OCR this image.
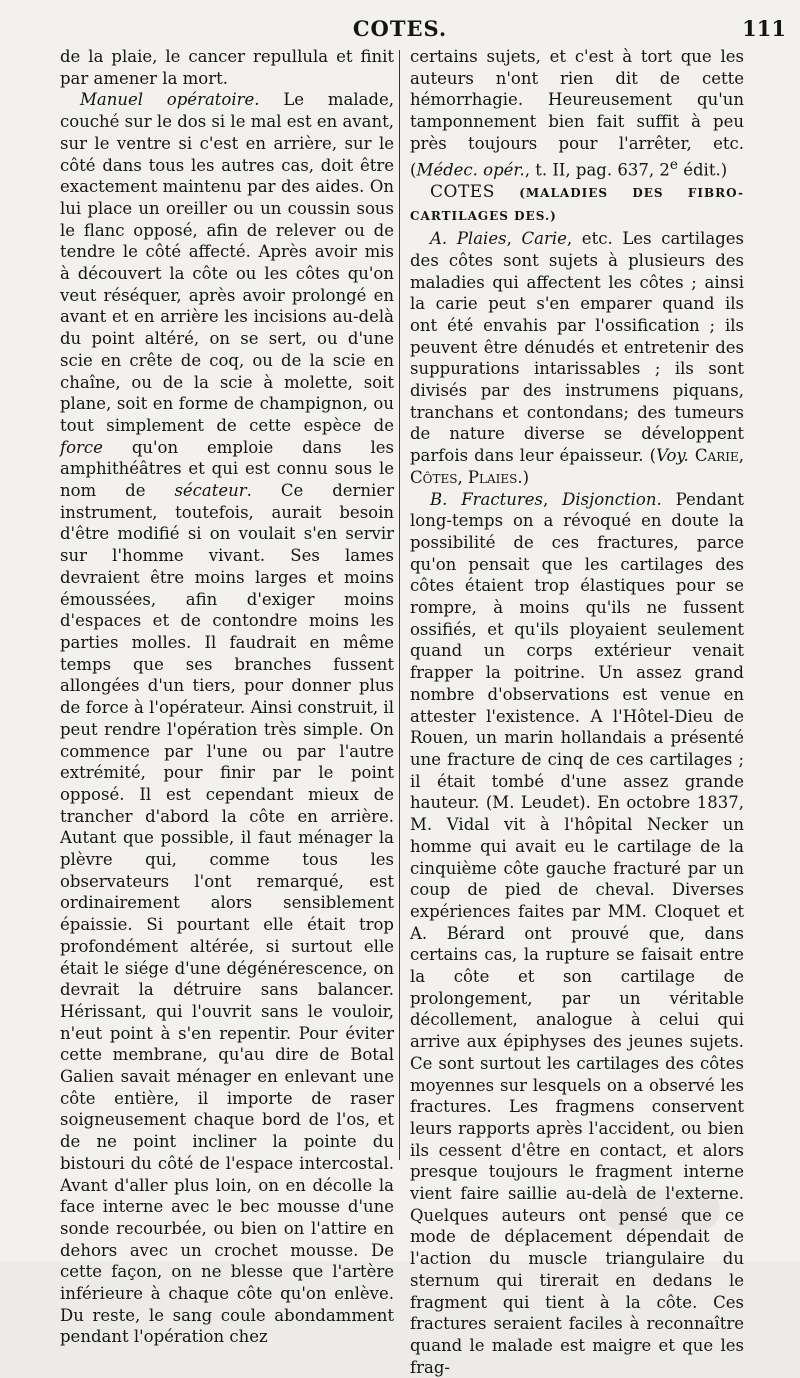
COTES.	111

de la plaie, le cancer repullula et finit par amener la mort.

Manuel opératoire. Le malade, couché sur le dos si le mal est en avant, sur le ventre si c'est en arrière, sur le côté dans tous les autres cas, doit être exactement maintenu par des aides. On lui place un oreiller ou un coussin sous le flanc opposé, afin de relever ou de tendre le côté affecté. Après avoir mis à découvert la côte ou les côtes qu'on veut réséquer, après avoir prolongé en avant et en arrière les incisions au-delà du point altéré, on se sert, ou d'une scie en crête de coq, ou de la scie en chaîne, ou de la scie à molette, soit plane, soit en forme de champignon, ou tout simplement de cette espèce de force qu'on emploie dans les amphithéâtres et qui est connu sous le nom de sécateur. Ce dernier instrument, toutefois, aurait besoin d'être modifié si on voulait s'en servir sur l'homme vivant. Ses lames devraient être moins larges et moins émoussées, afin d'exiger moins d'espaces et de contondre moins les parties molles. Il faudrait en même temps que ses branches fussent allongées d'un tiers, pour donner plus de force à l'opérateur. Ainsi construit, il peut rendre l'opération très simple. On commence par l'une ou par l'autre extrémité, pour finir par le point opposé. Il est cependant mieux de trancher d'abord la côte en arrière. Autant que possible, il faut ménager la plèvre qui, comme tous les observateurs l'ont remarqué, est ordinairement alors sensiblement épaissie. Si pourtant elle était trop profondément altérée, si surtout elle était le siége d'une dégénérescence, on devrait la détruire sans balancer. Hérissant, qui l'ouvrit sans le vouloir, n'eut point à s'en repentir. Pour éviter cette membrane, qu'au dire de Botal Galien savait ménager en enlevant une côte entière, il importe de raser soigneusement chaque bord de l'os, et de ne point incliner la pointe du bistouri du côté de l'espace intercostal. Avant d'aller plus loin, on en décolle la face interne avec le bec mousse d'une sonde recourbée, ou bien on l'attire en dehors avec un crochet mousse. De cette façon, on ne blesse que l'artère inférieure à chaque côte qu'on enlève. Du reste, le sang coule abondamment pendant l'opération chez

certains sujets, et c'est à tort que les auteurs n'ont rien dit de cette hémorrhagie. Heureusement qu'un tamponnement bien fait suffit à peu près toujours pour l'arrêter, etc. (Médec. opér., t. II, pag. 637, 2e édit.)

COTES (MALADIES DES FIBRO-CARTILAGES DES.)

A. Plaies, Carie, etc. Les cartilages des côtes sont sujets à plusieurs des maladies qui affectent les côtes ; ainsi la carie peut s'en emparer quand ils ont été envahis par l'ossification ; ils peuvent être dénudés et entretenir des suppurations intarissables ; ils sont divisés par des instrumens piquans, tranchans et contondans; des tumeurs de nature diverse se développent parfois dans leur épaisseur. (Voy. Carie, Côtes, Plaies.)

B. Fractures, Disjonction. Pendant long-temps on a révoqué en doute la possibilité de ces fractures, parce qu'on pensait que les cartilages des côtes étaient trop élastiques pour se rompre, à moins qu'ils ne fussent ossifiés, et qu'ils ployaient seulement quand un corps extérieur venait frapper la poitrine. Un assez grand nombre d'observations est venue en attester l'existence. A l'Hôtel-Dieu de Rouen, un marin hollandais a présenté une fracture de cinq de ces cartilages ; il était tombé d'une assez grande hauteur. (M. Leudet). En octobre 1837, M. Vidal vit à l'hôpital Necker un homme qui avait eu le cartilage de la cinquième côte gauche fracturé par un coup de pied de cheval. Diverses expériences faites par MM. Cloquet et A. Bérard ont prouvé que, dans certains cas, la rupture se faisait entre la côte et son cartilage de prolongement, par un véritable décollement, analogue à celui qui arrive aux épiphyses des jeunes sujets. Ce sont surtout les cartilages des côtes moyennes sur lesquels on a observé les fractures. Les fragmens conservent leurs rapports après l'accident, ou bien ils cessent d'être en contact, et alors presque toujours le fragment interne vient faire saillie au-delà de l'externe. Quelques auteurs ont pensé que ce mode de déplacement dépendait de l'action du muscle triangulaire du sternum qui tirerait en dedans le fragment qui tient à la côte. Ces fractures seraient faciles à reconnaître quand le malade est maigre et que les frag-
